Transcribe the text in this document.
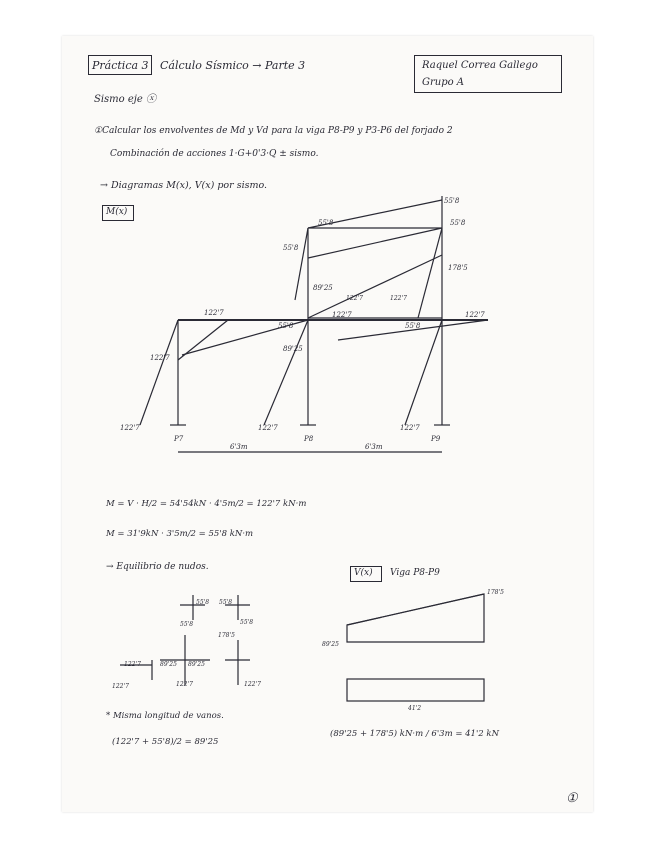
Práctica 3 Cálculo Sísmico → Parte 3	Raquel Correa Gallego
Grupo A
Sismo eje ⓧ
①Calcular los envolventes de Md y Vd para la viga P8-P9 y P3-P6 del forjado 2
Combinación de acciones 1·G+0'3·Q ± sismo.
→ Diagramas M(x), V(x) por sismo.
M(x)
55'8
55'8	55'8
55'8
89'25
178'5
122'7
55'8
122'7	122'7
55'8
89'25
122'7
122'7	122'7
122'7	122'7	122'7
P7	P8	P9
6'3m	6'3m
M = V · H/2 = 54'54kN · 4'5m/2 = 122'7 kN·m
M = 31'9kN · 3'5m/2 = 55'8 kN·m
→ Equilibrio de nudos.
55'8 55'8
55'8	55'8
178'5
122'7	89'25 89'25
122'7	122'7	122'7
* Misma longitud de vanos.
(122'7 + 55'8)/2 = 89'25
V(x) Viga P8-P9
178'5
89'25
41'2
(89'25 + 178'5) kN·m / 6'3m = 41'2 kN
①
